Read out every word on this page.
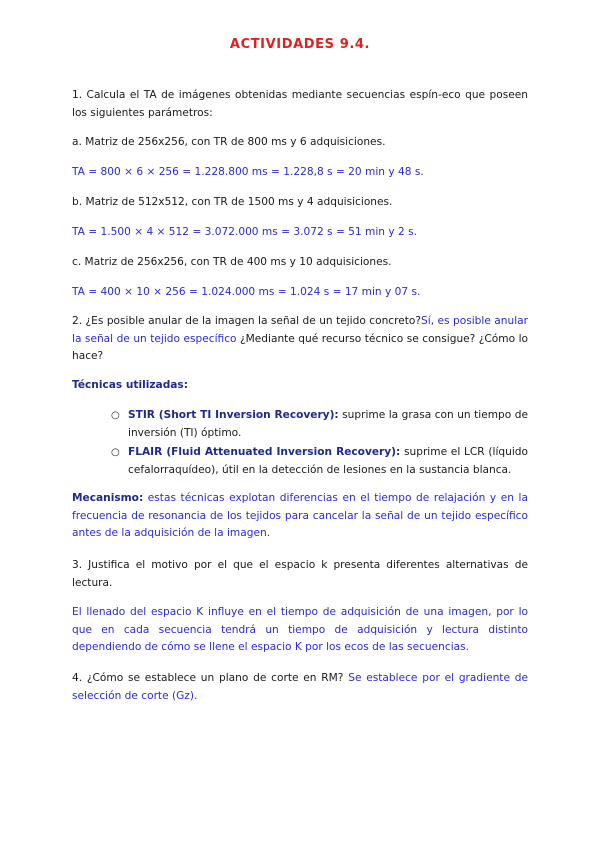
ACTIVIDADES 9.4.
1. Calcula el TA de imágenes obtenidas mediante secuencias espín-eco que poseen los siguientes parámetros:
a. Matriz de 256x256, con TR de 800 ms y 6 adquisiciones.
TA = 800 × 6 × 256 = 1.228.800 ms = 1.228,8 s = 20 min y 48 s.
b. Matriz de 512x512, con TR de 1500 ms y 4 adquisiciones.
TA = 1.500 × 4 × 512 = 3.072.000 ms = 3.072 s = 51 min y 2 s.
c. Matriz de 256x256, con TR de 400 ms y 10 adquisiciones.
TA = 400 × 10 × 256 = 1.024.000 ms = 1.024 s = 17 min y 07 s.
2. ¿Es posible anular de la imagen la señal de un tejido concreto?Sí, es posible anular la señal de un tejido específico ¿Mediante qué recurso técnico se consigue? ¿Cómo lo hace?
Técnicas utilizadas:
○ STIR (Short TI Inversion Recovery): suprime la grasa con un tiempo de inversión (TI) óptimo.
○ FLAIR (Fluid Attenuated Inversion Recovery): suprime el LCR (líquido cefalorraquídeo), útil en la detección de lesiones en la sustancia blanca.
Mecanismo: estas técnicas explotan diferencias en el tiempo de relajación y en la frecuencia de resonancia de los tejidos para cancelar la señal de un tejido específico antes de la adquisición de la imagen.
3. Justifica el motivo por el que el espacio k presenta diferentes alternativas de lectura.
El llenado del espacio K influye en el tiempo de adquisición de una imagen, por lo que en cada secuencia tendrá un tiempo de adquisición y lectura distinto dependiendo de cómo se llene el espacio K por los ecos de las secuencias.
4. ¿Cómo se establece un plano de corte en RM? Se establece por el gradiente de selección de corte (Gz).
